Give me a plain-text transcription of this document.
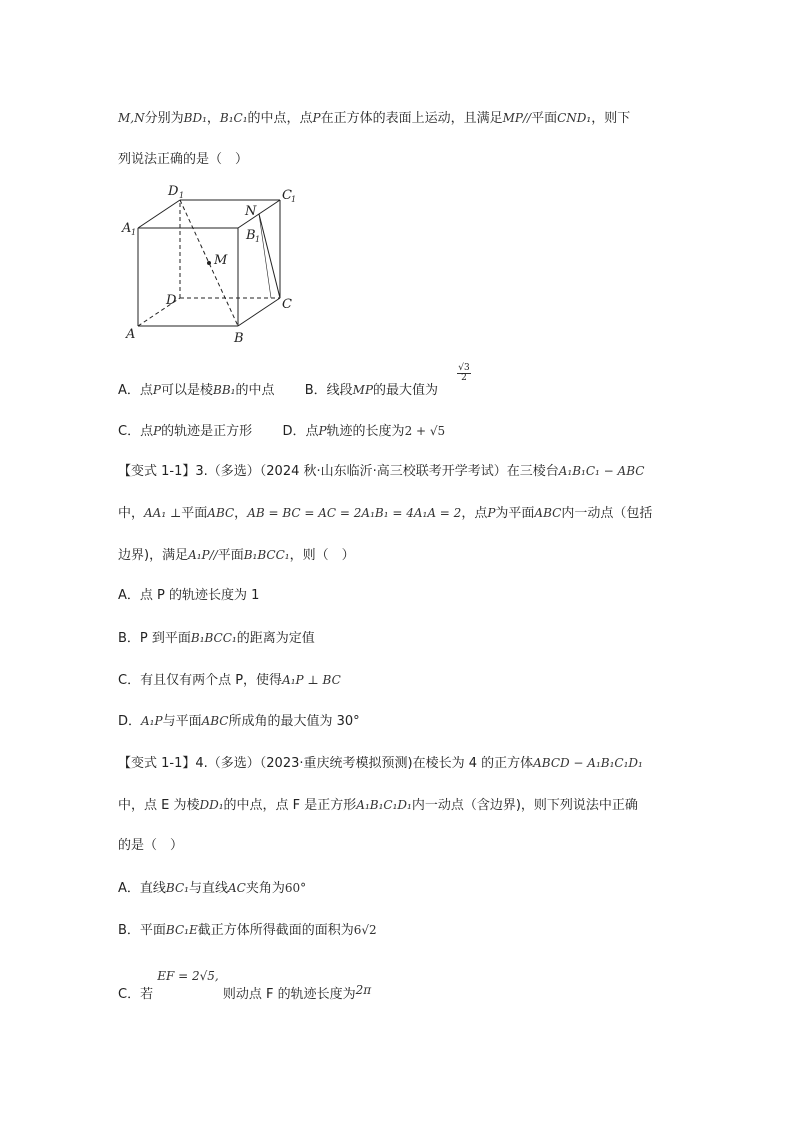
M,N分别为BD₁，B₁C₁的中点，点P在正方体的表面上运动，且满足MP//平面CND₁，则下
列说法正确的是（　）
D 1	C 1
A 1
N
B 1
M
D	C
A	B
A．点P可以是棱BB₁的中点 B．线段MP的最大值为
$\frac{√3}{2}$
C．点P的轨迹是正方形 D．点P轨迹的长度为2 + √5
【变式 1-1】3.（多选）（2024 秋·山东临沂·高三校联考开学考试）在三棱台A₁B₁C₁ − ABC
中，AA₁ ⊥平面ABC，AB = BC = AC = 2A₁B₁ = 4A₁A = 2，点P为平面ABC内一动点（包括
边界)，满足A₁P//平面B₁BCC₁，则（　）
A．点 P 的轨迹长度为 1
B．P 到平面B₁BCC₁的距离为定值
C．有且仅有两个点 P，使得A₁P ⊥ BC
D．A₁P与平面ABC所成角的最大值为 30°
【变式 1-1】4.（多选）（2023·重庆统考模拟预测)在棱长为 4 的正方体ABCD − A₁B₁C₁D₁
中，点 E 为棱DD₁的中点，点 F 是正方形A₁B₁C₁D₁内一动点（含边界)，则下列说法中正确
的是（　）
A．直线BC₁与直线AC夹角为60°
B．平面BC₁E截正方体所得截面的面积为6√2
C．若 EF = 2√5, 则动点 F 的轨迹长度为2π
